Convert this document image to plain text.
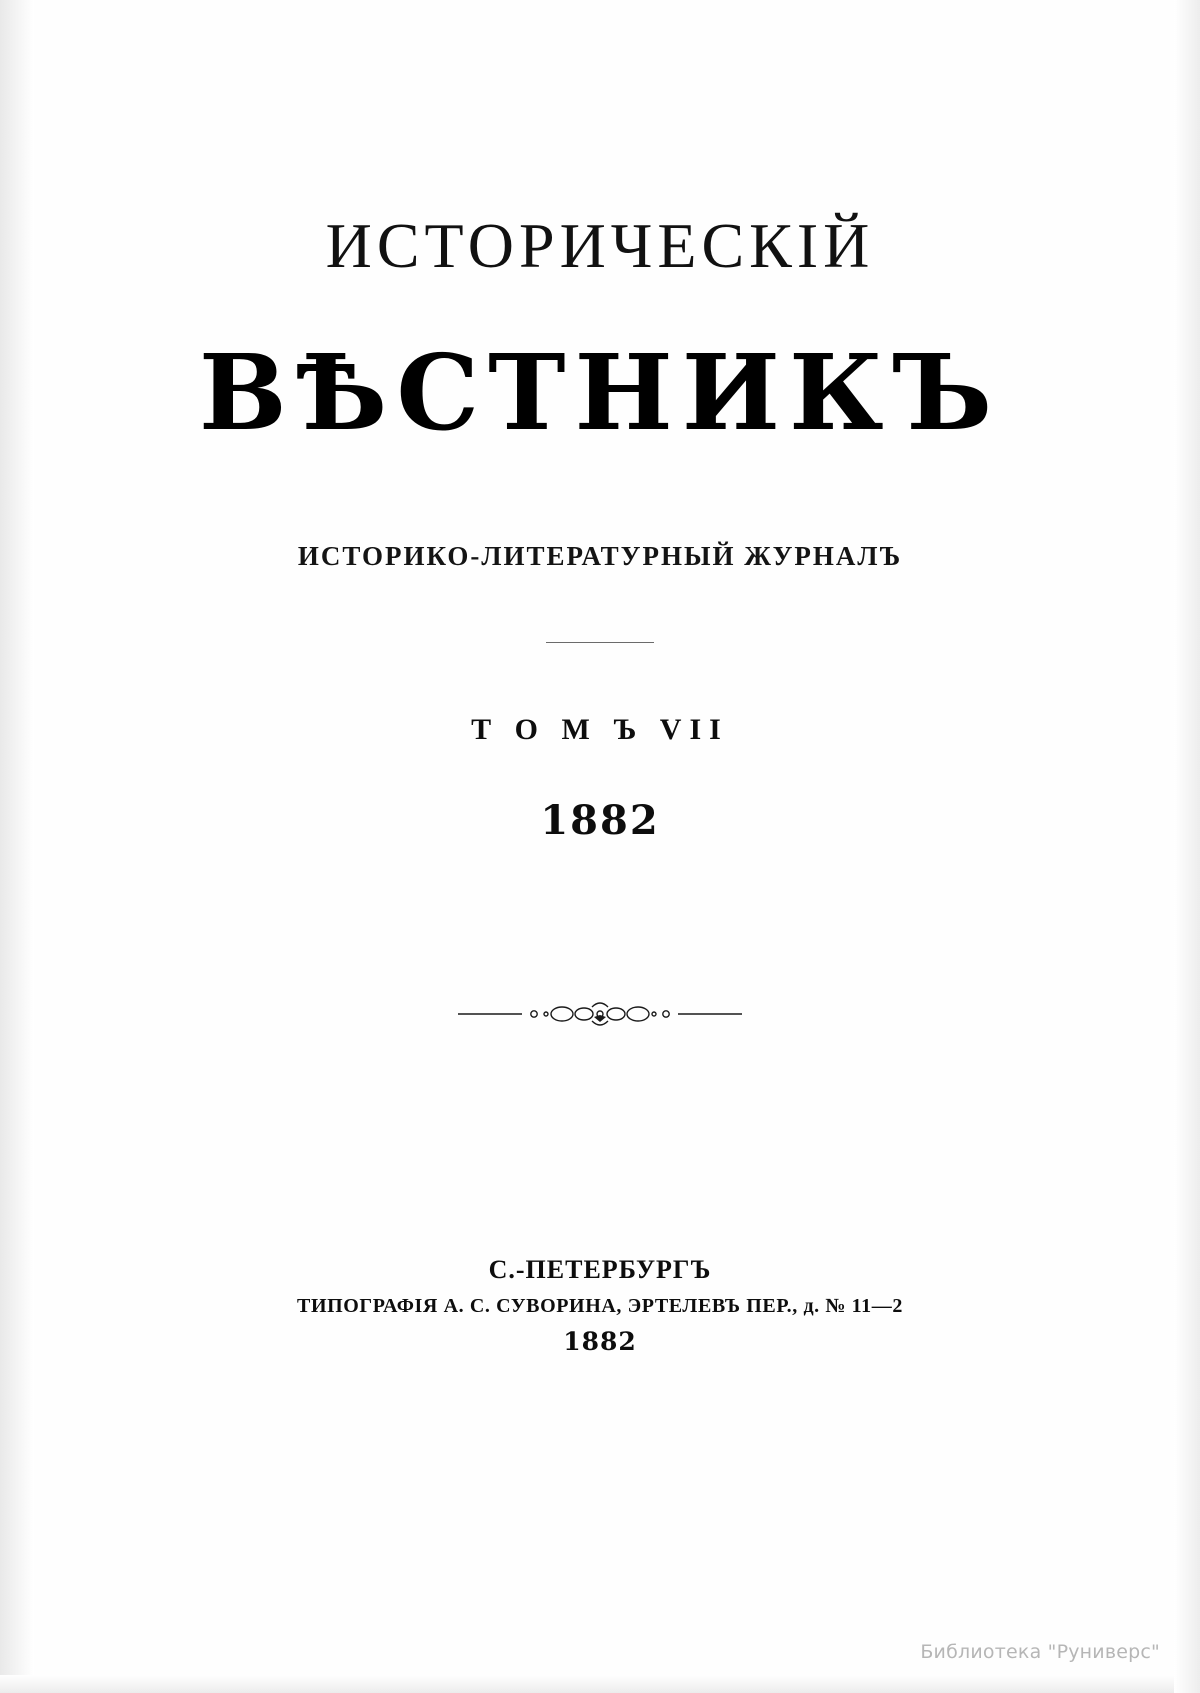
ИСТОРИЧЕСКІЙ
ВѢСТНИКЪ
ИСТОРИКО-ЛИТЕРАТУРНЫЙ ЖУРНАЛЪ
Т О М Ъ VII
1882
С.-ПЕТЕРБУРГЪ
ТИПОГРАФІЯ А. С. СУВОРИНА, ЭРТЕЛЕВЪ ПЕР., д. № 11—2
1882
Библиотека "Руниверс"
